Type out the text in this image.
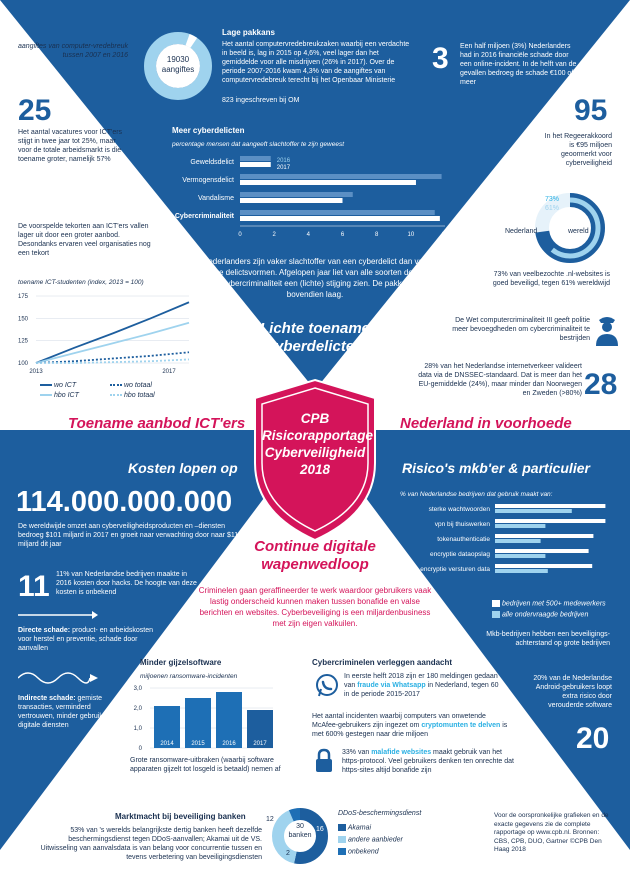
aangiftes van computer-vredebreuk tussen 2007 en 2016	19030
aangiftes
823 ingeschreven bij OM
Lage pakkans
Het aantal computervredebreukzaken waarbij een verdachte in beeld is, lag in 2015 op 4,6%, veel lager dan het gemiddelde voor alle misdrijven (26% in 2017). Over de periode 2007-2016 kwam 4,3% van de aangiftes van computervredebreuk terecht bij het Openbaar Ministerie
3 Een half miljoen (3%) Nederlanders had in 2016 financiële schade door een online-incident. In de helft van de gevallen bedroeg de schade €100 of meer
25
Het aantal vacatures voor ICT'ers stijgt in twee jaar tot 25%, maar voor de totale arbeidsmarkt is die toename groter, namelijk 57%
95
In het Regeerakkoord is €95 miljoen geoormerkt voor cyberveiligheid
Meer cyberdelicten
percentage mensen dat aangeeft slachtoffer te zijn geweest
Geweldsdelict
Vermogensdelict
Vandalisme
Cybercriminaliteit
2016
2017
0	2	4	6	8	10	12
Nederlanders zijn vaker slachtoffer van een cyberdelict dan van andere delictsvormen. Afgelopen jaar liet van alle soorten delicten alleen cybercriminaliteit een (lichte) stijging zien. De pakkans blijft bovendien laag.
Lichte toename
cyberdelicten
De voorspelde tekorten aan ICT'ers vallen lager uit door een groter aanbod. Desondanks ervaren veel organisaties nog een tekort
toename ICT-studenten (index, 2013 = 100)
100
125
150
175
2013	2017
wo ICT
hbo ICT
wo totaal
hbo totaal
73%
61%
Nederland	wereld
73% van veelbezochte .nl-websites is goed beveiligd, tegen 61% wereldwijd
De Wet computercriminaliteit III geeft politie meer bevoegdheden om cybercriminaliteit te bestrijden
28% van het Nederlandse internetverkeer valideert data via de DNSSEC-standaard. Dat is meer dan het EU-gemiddelde (24%), maar minder dan Noorwegen en Zweden (>80%) 28
Toename aanbod ICT'ers	Nederland in voorhoede
CPB
Risicorapportage
Cyberveiligheid
2018
Kosten lopen op
114.000.000.000
De wereldwijde omzet aan cyberveiligheidsproducten en –diensten bedroeg $101 miljard in 2017 en groeit naar verwachting door naar $114 miljard dit jaar
11 11% van Nederlandse bedrijven maakte in 2016 kosten door hacks. De hoogte van deze kosten is onbekend
Directe schade: product- en arbeidskosten voor herstel en preventie, schade door aanvallen
Indirecte schade: gemiste transacties, verminderd vertrouwen, minder gebruik digitale diensten
Risico's mkb'er & particulier
% van Nederlandse bedrijven dat gebruik maakt van:
sterke wachtwoorden
vpn bij thuiswerken
tokenauthenticatie
encryptie dataopslag
encryptie versturen data
bedrijven met 500+ medewerkers
alle ondervraagde bedrijven
Mkb-bedrijven hebben een beveiligings-achterstand op grote bedrijven
Continue digitale
wapenwedloop
Criminelen gaan geraffineerder te werk waardoor gebruikers vaak lastig onderscheid kunnen maken tussen bonafide en valse berichten en websites. Cyberbeveiliging is een miljardenbusiness met zijn eigen valkuilen.
Minder gijzelsoftware
miljoenen ransomware-incidenten
0
1,0
2,0
3,0
2014	2015	2016	2017
Grote ransomware-uitbraken (waarbij software apparaten gijzelt tot losgeld is betaald) nemen af
Cybercriminelen verleggen aandacht
In eerste helft 2018 zijn er 180 meldingen gedaan van fraude via Whatsapp in Nederland, tegen 60 in de periode 2015-2017
Het aantal incidenten waarbij computers van onwetende McAfee-gebruikers zijn ingezet om cryptomunten te delven is met 600% gestegen naar drie miljoen
33% van malafide websites maakt gebruik van het https-protocol. Veel gebruikers denken ten onrechte dat https-sites altijd bonafide zijn
20% van de Nederlandse Android-gebruikers loopt extra risico door verouderde software
20
Marktmacht bij beveiliging banken
53% van 's werelds belangrijkste dertig banken heeft dezelfde beschermingsdienst tegen DDoS-aanvallen; Akamai uit de VS. Uitwisseling van aanvalsdata is van belang voor concurrentie tussen en tevens verbetering van beveiligingsdiensten
30
banken
12
16
2
DDoS-beschermingsdienst
Akamai
andere aanbieder
onbekend
Voor de oorspronkelijke grafieken en de exacte gegevens zie de complete rapportage op www.cpb.nl. Bronnen: CBS, CPB, DUO, Gartner ©CPB Den Haag 2018
